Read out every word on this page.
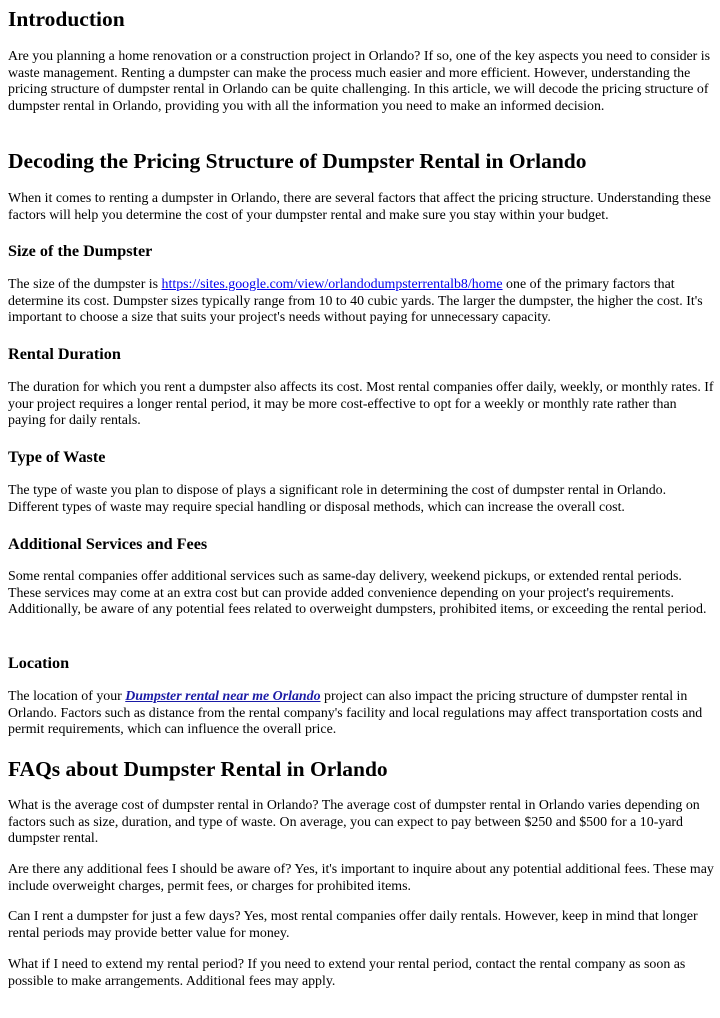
Introduction

Are you planning a home renovation or a construction project in Orlando? If so, one of the key aspects you need to consider is waste management. Renting a dumpster can make the process much easier and more efficient. However, understanding the pricing structure of dumpster rental in Orlando can be quite challenging. In this article, we will decode the pricing structure of dumpster rental in Orlando, providing you with all the information you need to make an informed decision.

Decoding the Pricing Structure of Dumpster Rental in Orlando

When it comes to renting a dumpster in Orlando, there are several factors that affect the pricing structure. Understanding these factors will help you determine the cost of your dumpster rental and make sure you stay within your budget.

Size of the Dumpster

The size of the dumpster is https://sites.google.com/view/orlandodumpsterrentalb8/home one of the primary factors that determine its cost. Dumpster sizes typically range from 10 to 40 cubic yards. The larger the dumpster, the higher the cost. It's important to choose a size that suits your project's needs without paying for unnecessary capacity.

Rental Duration

The duration for which you rent a dumpster also affects its cost. Most rental companies offer daily, weekly, or monthly rates. If your project requires a longer rental period, it may be more cost-effective to opt for a weekly or monthly rate rather than paying for daily rentals.

Type of Waste

The type of waste you plan to dispose of plays a significant role in determining the cost of dumpster rental in Orlando. Different types of waste may require special handling or disposal methods, which can increase the overall cost.

Additional Services and Fees

Some rental companies offer additional services such as same-day delivery, weekend pickups, or extended rental periods. These services may come at an extra cost but can provide added convenience depending on your project's requirements. Additionally, be aware of any potential fees related to overweight dumpsters, prohibited items, or exceeding the rental period.

Location

The location of your Dumpster rental near me Orlando project can also impact the pricing structure of dumpster rental in Orlando. Factors such as distance from the rental company's facility and local regulations may affect transportation costs and permit requirements, which can influence the overall price.

FAQs about Dumpster Rental in Orlando

What is the average cost of dumpster rental in Orlando? The average cost of dumpster rental in Orlando varies depending on factors such as size, duration, and type of waste. On average, you can expect to pay between $250 and $500 for a 10-yard dumpster rental.

Are there any additional fees I should be aware of? Yes, it's important to inquire about any potential additional fees. These may include overweight charges, permit fees, or charges for prohibited items.

Can I rent a dumpster for just a few days? Yes, most rental companies offer daily rentals. However, keep in mind that longer rental periods may provide better value for money.

What if I need to extend my rental period? If you need to extend your rental period, contact the rental company as soon as possible to make arrangements. Additional fees may apply.
